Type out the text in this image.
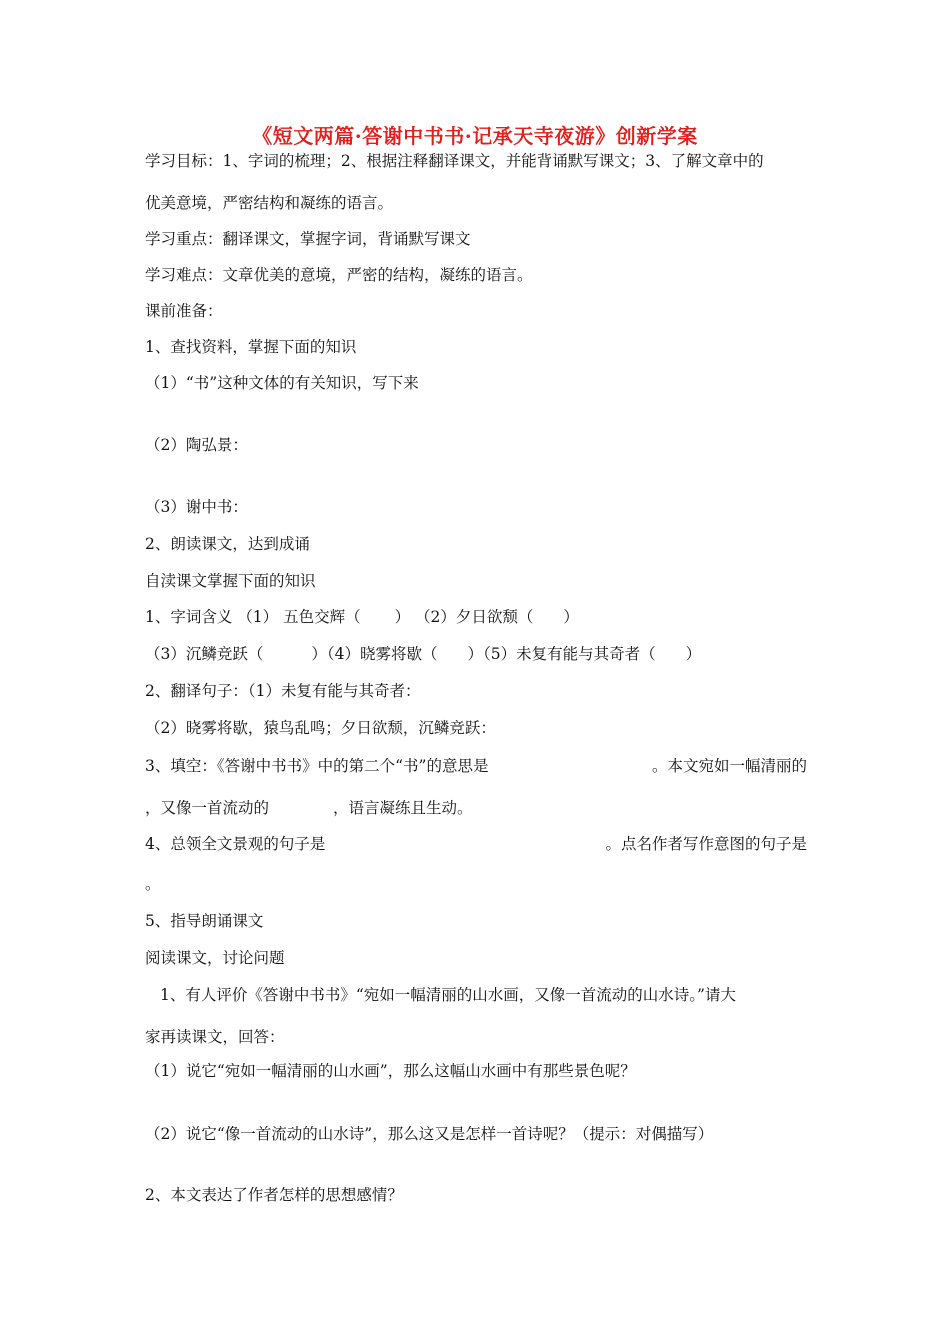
《短文两篇·答谢中书书·记承天寺夜游》创新学案
学习目标：1、字词的梳理；2、根据注释翻译课文，并能背诵默写课文；3、了解文章中的
优美意境，严密结构和凝练的语言。
学习重点：翻译课文，掌握字词，背诵默写课文
学习难点：文章优美的意境，严密的结构，凝练的语言。
课前准备：
1、查找资料，掌握下面的知识
（1）“书”这种文体的有关知识，写下来
（2）陶弘景：
（3）谢中书：
2、朗读课文，达到成诵
自渎课文掌握下面的知识
1、字词含义 （1） 五色交辉（ ） （2）夕日欲颓（ ）
（3）沉鳞竞跃（	）（4）晓雾将歇（ ）（5）未复有能与其奇者（ ）
2、翻译句子：（1）未复有能与其奇者：
（2）晓雾将歇，猿鸟乱鸣；夕日欲颓，沉鳞竞跃：
3、填空：《答谢中书书》中的第二个“书”的意思是	。本文宛如一幅清丽的
，又像一首流动的	，语言凝练且生动。
4、总领全文景观的句子是	。点名作者写作意图的句子是
。
5、指导朗诵课文
阅读课文，讨论问题
1、有人评价《答谢中书书》“宛如一幅清丽的山水画，又像一首流动的山水诗。”请大
家再读课文，回答：
（1）说它“宛如一幅清丽的山水画”，那么这幅山水画中有那些景色呢？
（2）说它“像一首流动的山水诗”，那么这又是怎样一首诗呢？（提示：对偶描写）
2、本文表达了作者怎样的思想感情？
